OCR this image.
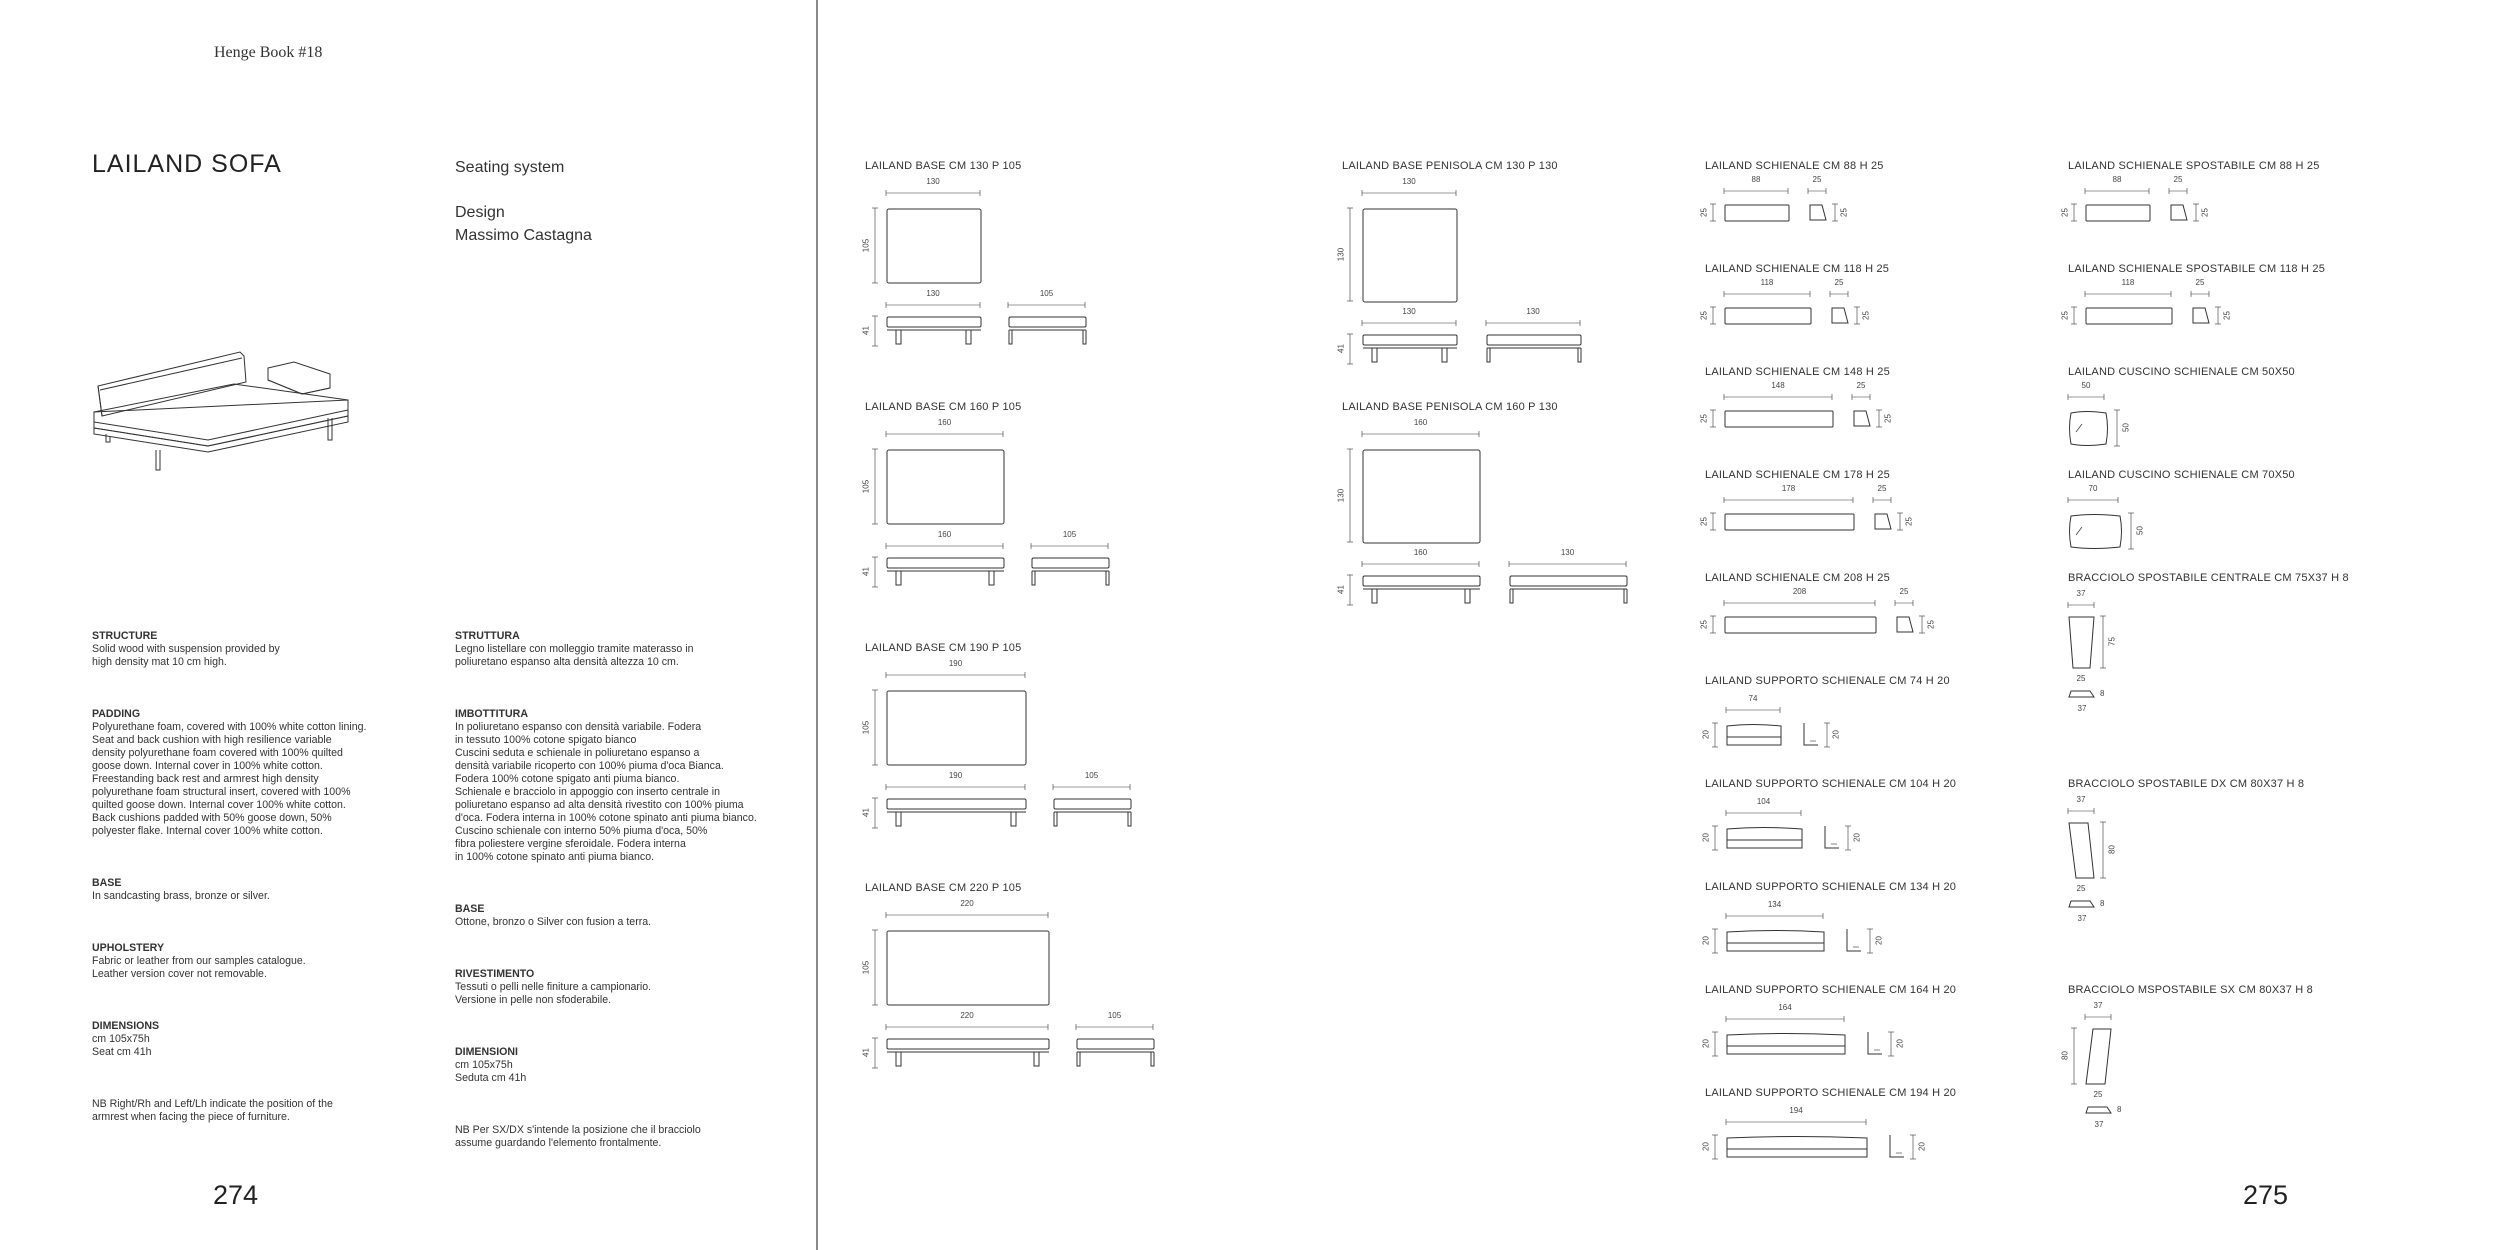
Henge Book #18
274	275
LAILAND SOFA	Seating system
Design
Massimo Castagna

STRUCTURE
Solid wood with suspension provided by
high density mat 10 cm high.

PADDING
Polyurethane foam, covered with 100% white cotton lining.
Seat and back cushion with high resilience variable
density polyurethane foam covered with 100% quilted
goose down. Internal cover in 100% white cotton.
Freestanding back rest and armrest high density
polyurethane foam structural insert, covered with 100%
quilted goose down. Internal cover 100% white cotton.
Back cushions padded with 50% goose down, 50%
polyester flake. Internal cover 100% white cotton.

BASE
In sandcasting brass, bronze or silver.

UPHOLSTERY
Fabric or leather from our samples catalogue.
Leather version cover not removable.

DIMENSIONS
cm 105x75h
Seat cm 41h

NB Right/Rh and Left/Lh indicate the position of the
armrest when facing the piece of furniture.

STRUTTURA
Legno listellare con molleggio tramite materasso in
poliuretano espanso alta densità altezza 10 cm.

IMBOTTITURA
In poliuretano espanso con densità variabile. Fodera
in tessuto 100% cotone spigato bianco
Cuscini seduta e schienale in poliuretano espanso a
densità variabile ricoperto con 100% piuma d'oca Bianca.
Fodera 100% cotone spigato anti piuma bianco.
Schienale e bracciolo in appoggio con inserto centrale in
poliuretano espanso ad alta densità rivestito con 100% piuma
d'oca. Fodera interna in 100% cotone spinato anti piuma bianco.
Cuscino schienale con interno 50% piuma d'oca, 50%
fibra poliestere vergine sferoidale. Fodera interna
in 100% cotone spinato anti piuma bianco.

BASE
Ottone, bronzo o Silver con fusion a terra.

RIVESTIMENTO
Tessuti o pelli nelle finiture a campionario.
Versione in pelle non sfoderabile.

DIMENSIONI
cm 105x75h
Seduta cm 41h

NB Per SX/DX s'intende la posizione che il bracciolo
assume guardando l'elemento frontalmente.

LAILAND BASE CM 130 P 105
130
105
130
41
105
LAILAND BASE CM 160 P 105
160
105
160
41
105
LAILAND BASE CM 190 P 105
190
105
190
41
105
LAILAND BASE CM 220 P 105
220
105
220
41
105
LAILAND BASE PENISOLA CM 130 P 130
130
130
130
41
130
LAILAND BASE PENISOLA CM 160 P 130
160
130
160
41
130
LAILAND SCHIENALE CM 88 H 25
88
25
25
25
LAILAND SCHIENALE CM 118 H 25
118
25
25
25
LAILAND SCHIENALE CM 148 H 25
148
25
25
25
LAILAND SCHIENALE CM 178 H 25
178
25
25
25
LAILAND SCHIENALE CM 208 H 25
208
25
25
25
LAILAND SUPPORTO SCHIENALE CM 74 H 20
74
20	20
LAILAND SUPPORTO SCHIENALE CM 104 H 20
104
20	20
LAILAND SUPPORTO SCHIENALE CM 134 H 20
134
20	20
LAILAND SUPPORTO SCHIENALE CM 164 H 20
164
20	20
LAILAND SUPPORTO SCHIENALE CM 194 H 20
194
20	20
LAILAND SCHIENALE SPOSTABILE CM 88 H 25
88
25
25
25
LAILAND SCHIENALE SPOSTABILE CM 118 H 25
118
25
25
25
LAILAND CUSCINO SCHIENALE CM 50X50
50
50
LAILAND CUSCINO SCHIENALE CM 70X50
70
50
BRACCIOLO SPOSTABILE CENTRALE CM 75X37 H 8
37
75
25
8
37
BRACCIOLO SPOSTABILE DX CM 80X37 H 8
37
80
25
8
37
BRACCIOLO MSPOSTABILE SX CM 80X37 H 8
37
80
25
8
37
